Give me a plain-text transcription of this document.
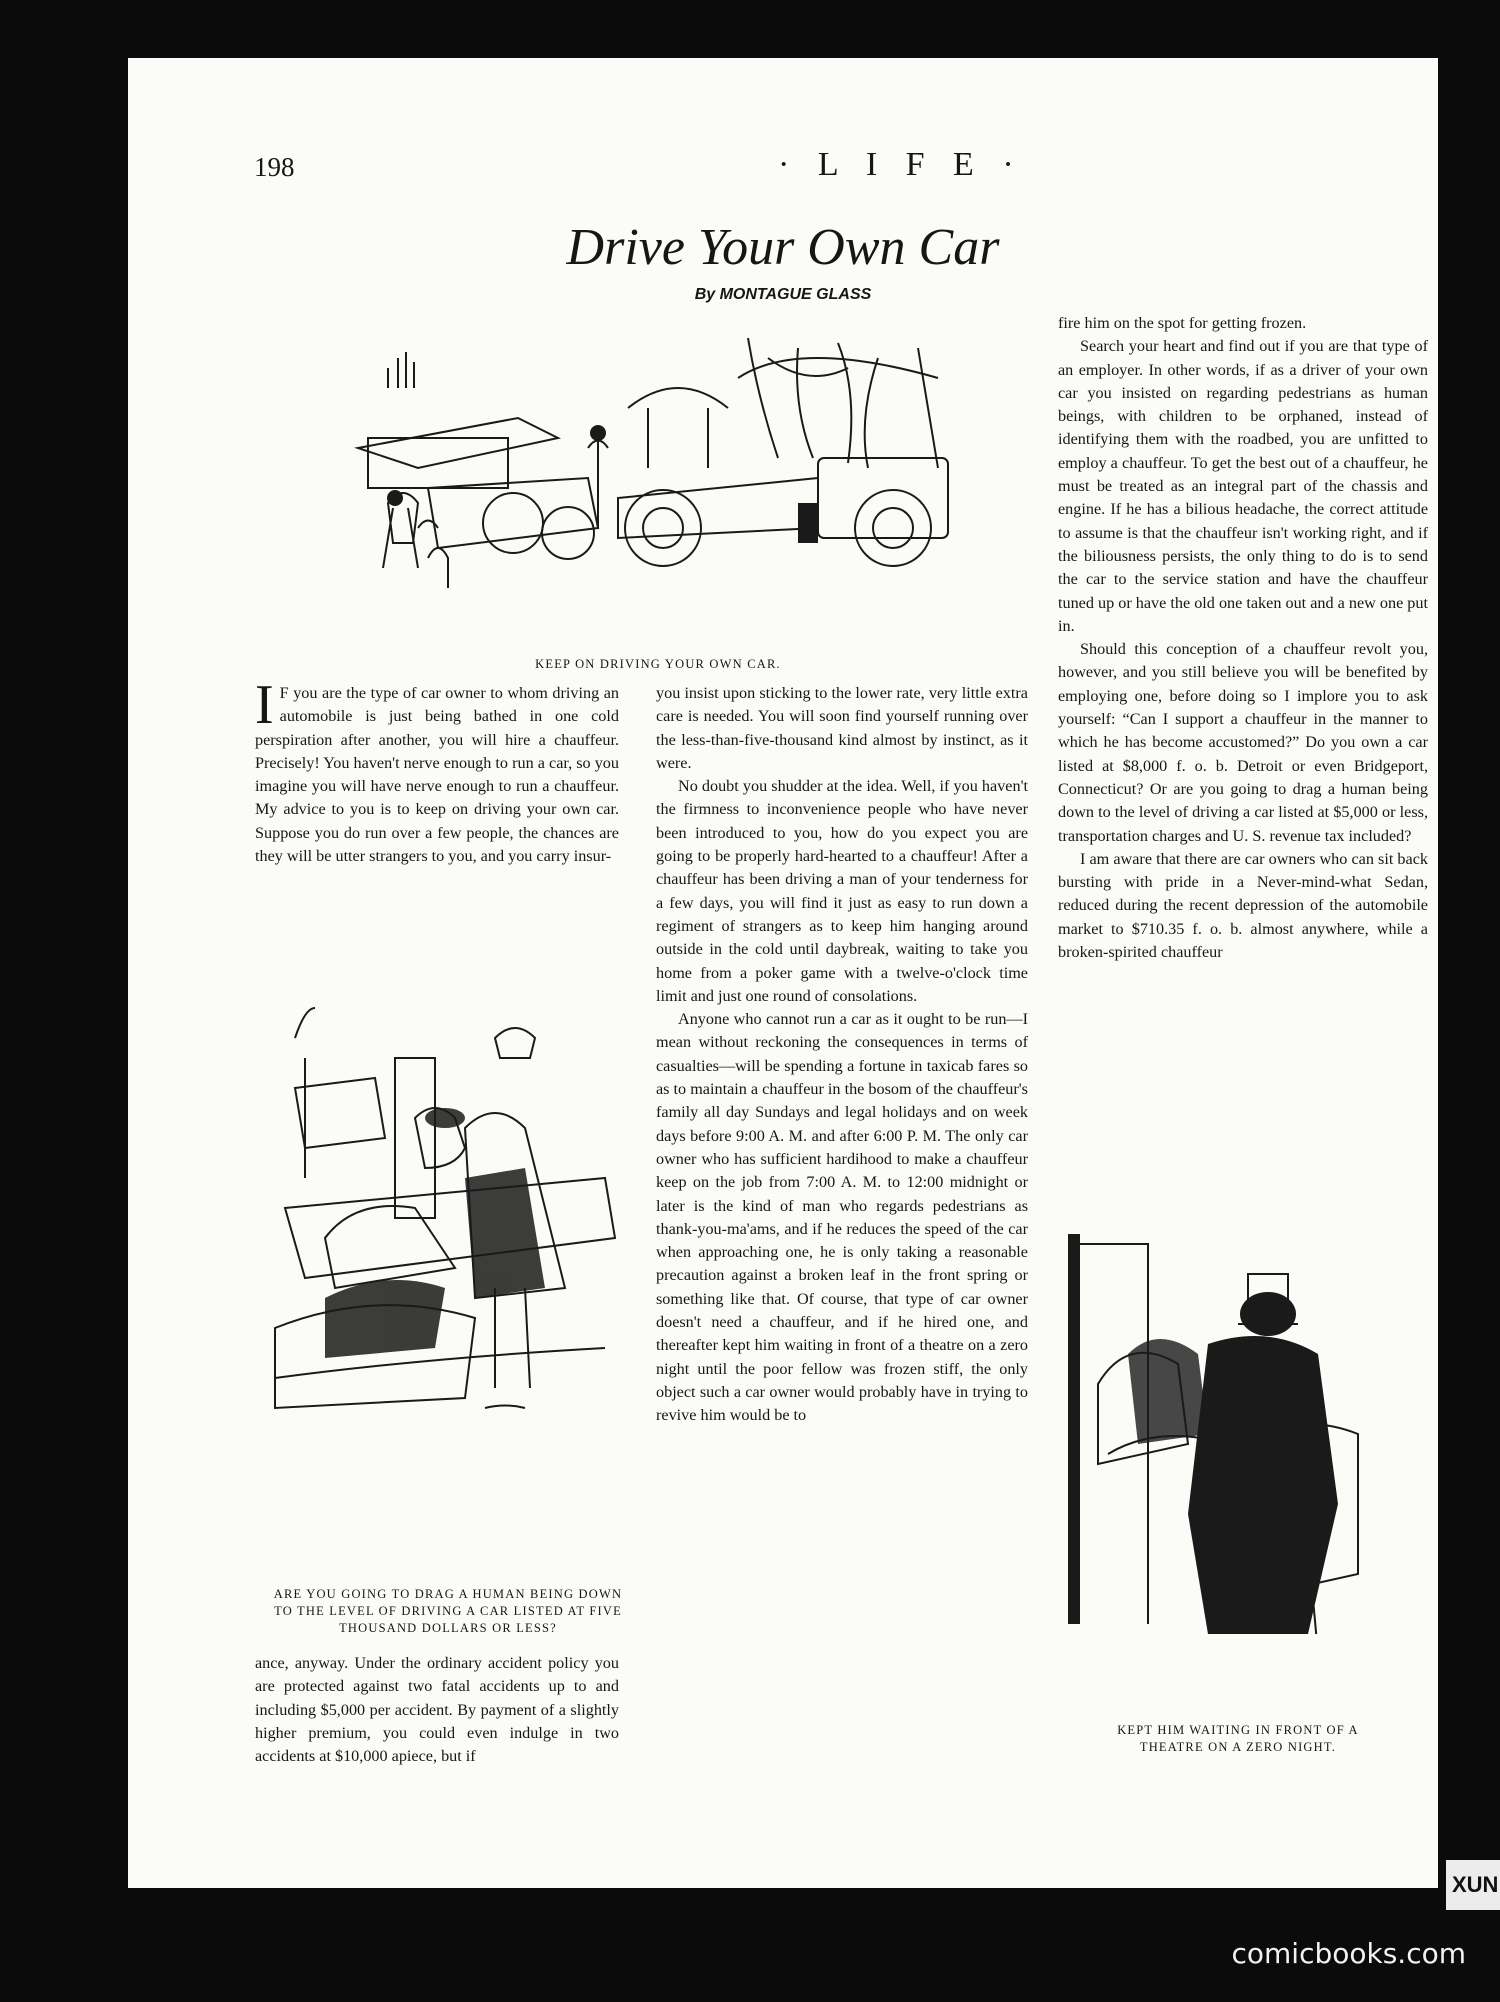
198	· L I F E ·
Drive Your Own Car
By MONTAGUE GLASS
KEEP ON DRIVING YOUR OWN CAR.

I F you are the type of car owner to whom driving an automobile is just being bathed in one cold perspiration after another, you will hire a chauffeur. Precisely! You haven't nerve enough to run a car, so you imagine you will have nerve enough to run a chauffeur. My advice to you is to keep on driving your own car. Suppose you do run over a few people, the chances are they will be utter strangers to you, and you carry insur-

ARE YOU GOING TO DRAG A HUMAN BEING DOWN TO THE LEVEL OF DRIVING A CAR LISTED AT FIVE THOUSAND DOLLARS OR LESS?

ance, anyway. Under the ordinary accident policy you are protected against two fatal accidents up to and including $5,000 per accident. By payment of a slightly higher premium, you could even indulge in two accidents at $10,000 apiece, but if

you insist upon sticking to the lower rate, very little extra care is needed. You will soon find yourself running over the less-than-five-thousand kind almost by instinct, as it were.

No doubt you shudder at the idea. Well, if you haven't the firmness to inconvenience people who have never been introduced to you, how do you expect you are going to be properly hard-hearted to a chauffeur! After a chauffeur has been driving a man of your tenderness for a few days, you will find it just as easy to run down a regiment of strangers as to keep him hanging around outside in the cold until daybreak, waiting to take you home from a poker game with a twelve-o'clock time limit and just one round of consolations.

Anyone who cannot run a car as it ought to be run—I mean without reckoning the consequences in terms of casualties—will be spending a fortune in taxicab fares so as to maintain a chauffeur in the bosom of the chauffeur's family all day Sundays and legal holidays and on week days before 9:00 A. M. and after 6:00 P. M. The only car owner who has sufficient hardihood to make a chauffeur keep on the job from 7:00 A. M. to 12:00 midnight or later is the kind of man who regards pedestrians as thank-you-ma'ams, and if he reduces the speed of the car when approaching one, he is only taking a reasonable precaution against a broken leaf in the front spring or something like that. Of course, that type of car owner doesn't need a chauffeur, and if he hired one, and thereafter kept him waiting in front of a theatre on a zero night until the poor fellow was frozen stiff, the only object such a car owner would probably have in trying to revive him would be to

fire him on the spot for getting frozen.

Search your heart and find out if you are that type of an employer. In other words, if as a driver of your own car you insisted on regarding pedestrians as human beings, with children to be orphaned, instead of identifying them with the roadbed, you are unfitted to employ a chauffeur. To get the best out of a chauffeur, he must be treated as an integral part of the chassis and engine. If he has a bilious headache, the correct attitude to assume is that the chauffeur isn't working right, and if the biliousness persists, the only thing to do is to send the car to the service station and have the chauffeur tuned up or have the old one taken out and a new one put in.

Should this conception of a chauffeur revolt you, however, and you still believe you will be benefited by employing one, before doing so I implore you to ask yourself: “Can I support a chauffeur in the manner to which he has become accustomed?” Do you own a car listed at $8,000 f. o. b. Detroit or even Bridgeport, Connecticut? Or are you going to drag a human being down to the level of driving a car listed at $5,000 or less, transportation charges and U. S. revenue tax included?

I am aware that there are car owners who can sit back bursting with pride in a Never-mind-what Sedan, reduced during the recent depression of the automobile market to $710.35 f. o. b. almost anywhere, while a broken-spirited chauffeur

KEPT HIM WAITING IN FRONT OF A THEATRE ON A ZERO NIGHT.
XUN
comicbooks.com
